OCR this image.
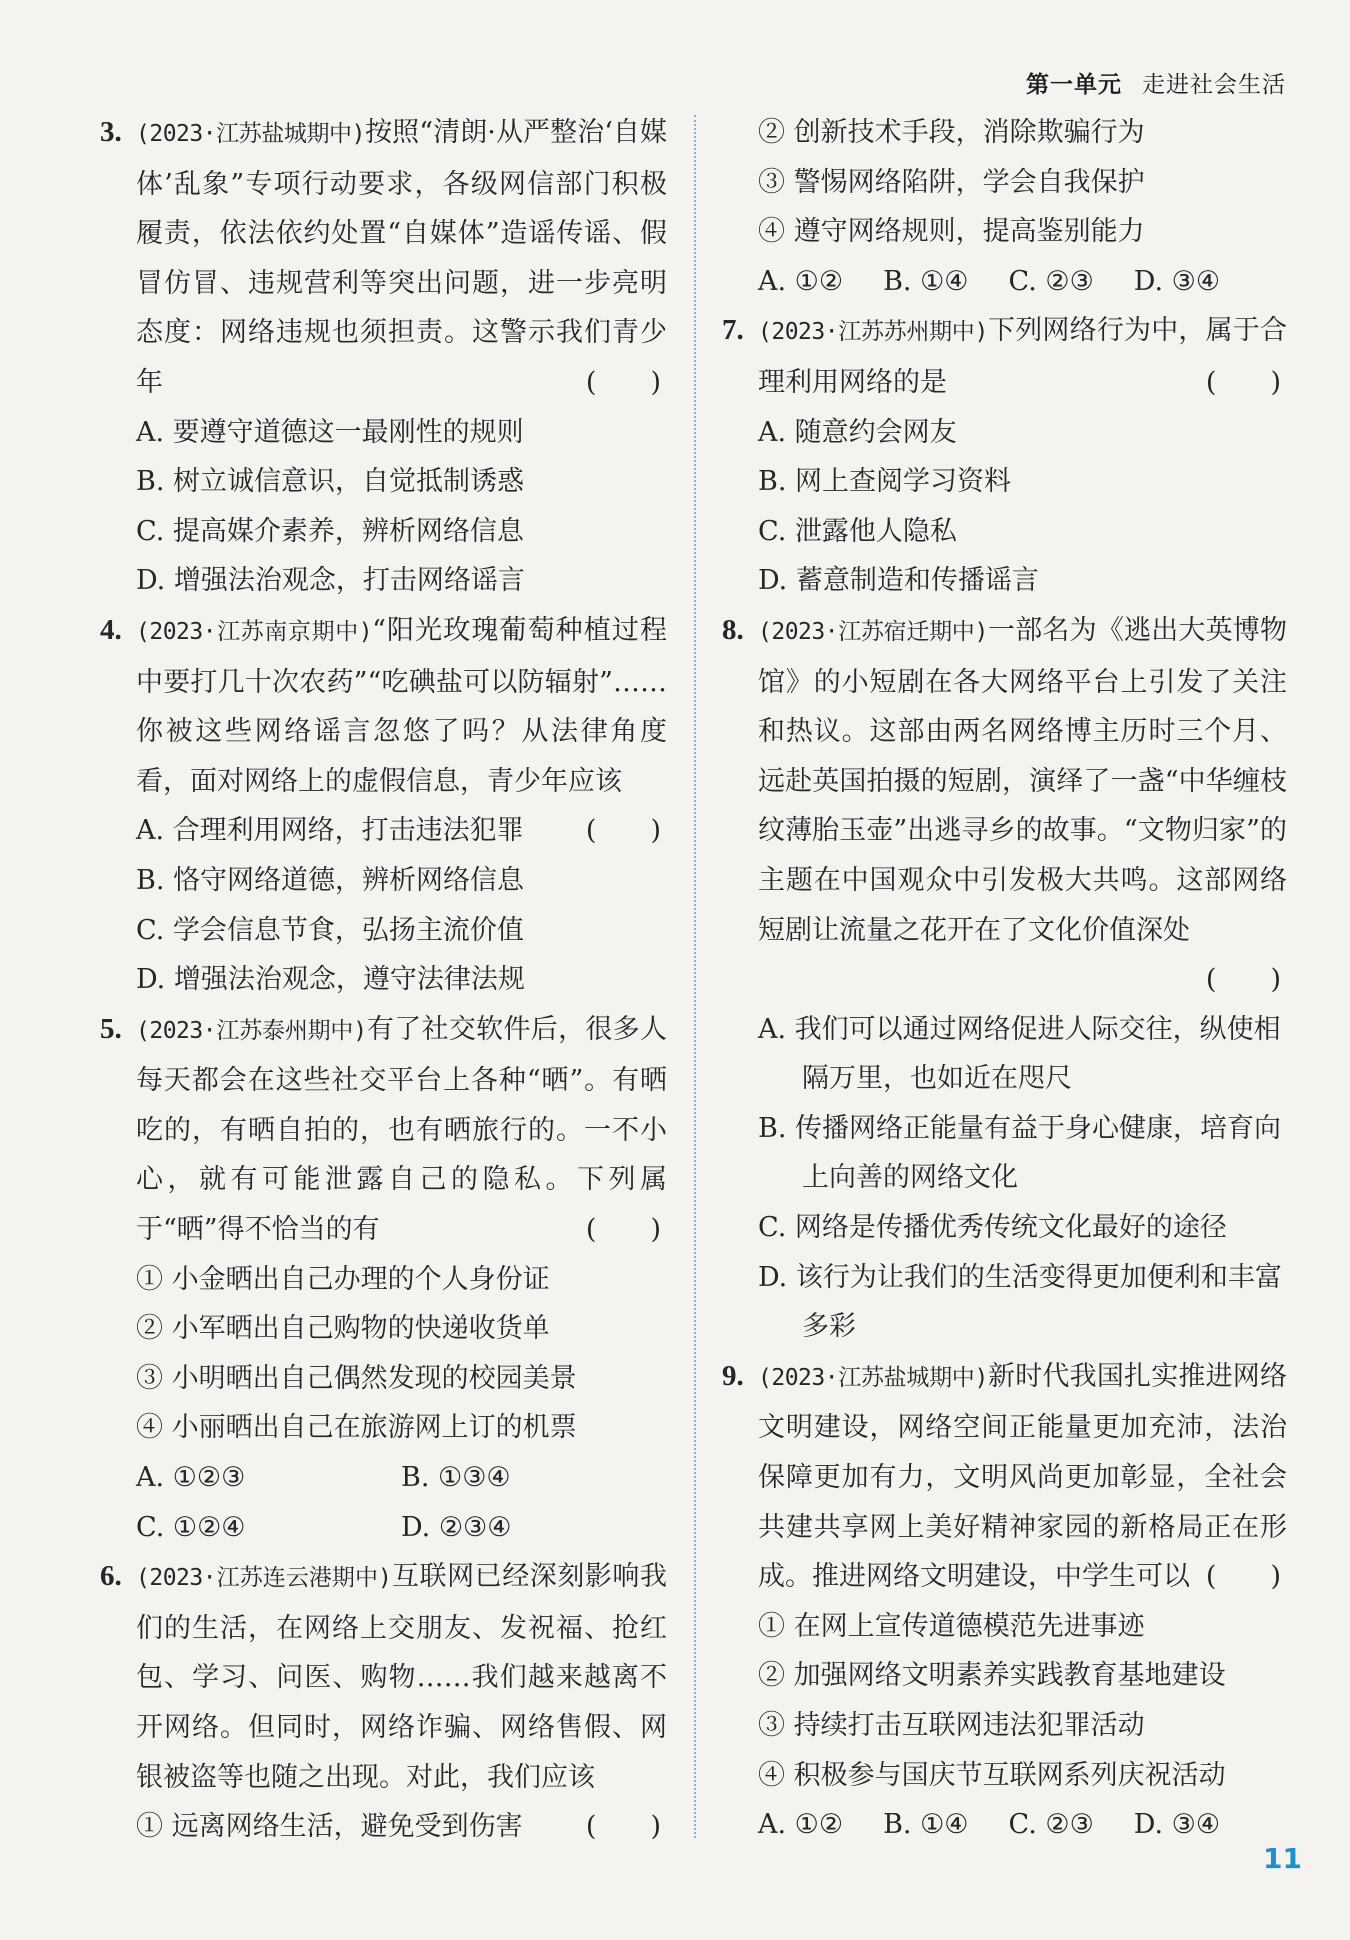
第一单元 走进社会生活
3. (2023·江苏盐城期中)按照“清朗·从严整治‘自媒体’乱象”专项行动要求，各级网信部门积极履责，依法依约处置“自媒体”造谣传谣、假冒仿冒、违规营利等突出问题，进一步亮明态度：网络违规也须担责。这警示我们青少年	(　　)
A. 要遵守道德这一最刚性的规则
B. 树立诚信意识，自觉抵制诱惑
C. 提高媒介素养，辨析网络信息
D. 增强法治观念，打击网络谣言
4. (2023·江苏南京期中)“阳光玫瑰葡萄种植过程中要打几十次农药”“吃碘盐可以防辐射”……你被这些网络谣言忽悠了吗？从法律角度看，面对网络上的虚假信息，青少年应该
(　　)
A. 合理利用网络，打击违法犯罪
B. 恪守网络道德，辨析网络信息
C. 学会信息节食，弘扬主流价值
D. 增强法治观念，遵守法律法规
5. (2023·江苏泰州期中)有了社交软件后，很多人每天都会在这些社交平台上各种“晒”。有晒吃的，有晒自拍的，也有晒旅行的。一不小心，就有可能泄露自己的隐私。下列属于“晒”得不恰当的有	(　　)
① 小金晒出自己办理的个人身份证
② 小军晒出自己购物的快递收货单
③ 小明晒出自己偶然发现的校园美景
④ 小丽晒出自己在旅游网上订的机票
A. ①②③	B. ①③④
C. ①②④	D. ②③④
6. (2023·江苏连云港期中)互联网已经深刻影响我们的生活，在网络上交朋友、发祝福、抢红包、学习、问医、购物……我们越来越离不开网络。但同时，网络诈骗、网络售假、网银被盗等也随之出现。对此，我们应该
(　　)
① 远离网络生活，避免受到伤害
② 创新技术手段，消除欺骗行为
③ 警惕网络陷阱，学会自我保护
④ 遵守网络规则，提高鉴别能力
A. ①② B. ①④ C. ②③ D. ③④
7. (2023·江苏苏州期中)下列网络行为中，属于合理利用网络的是	(　　)
A. 随意约会网友
B. 网上查阅学习资料
C. 泄露他人隐私
D. 蓄意制造和传播谣言
8. (2023·江苏宿迁期中)一部名为《逃出大英博物馆》的小短剧在各大网络平台上引发了关注和热议。这部由两名网络博主历时三个月、远赴英国拍摄的短剧，演绎了一盏“中华缠枝纹薄胎玉壶”出逃寻乡的故事。“文物归家”的主题在中国观众中引发极大共鸣。这部网络短剧让流量之花开在了文化价值深处
(　　)
A. 我们可以通过网络促进人际交往，纵使相隔万里，也如近在咫尺
B. 传播网络正能量有益于身心健康，培育向上向善的网络文化
C. 网络是传播优秀传统文化最好的途径
D. 该行为让我们的生活变得更加便利和丰富多彩
9. (2023·江苏盐城期中)新时代我国扎实推进网络文明建设，网络空间正能量更加充沛，法治保障更加有力，文明风尚更加彰显，全社会共建共享网上美好精神家园的新格局正在形成。推进网络文明建设，中学生可以 (　　)
① 在网上宣传道德模范先进事迹
② 加强网络文明素养实践教育基地建设
③ 持续打击互联网违法犯罪活动
④ 积极参与国庆节互联网系列庆祝活动
A. ①② B. ①④ C. ②③ D. ③④
11
